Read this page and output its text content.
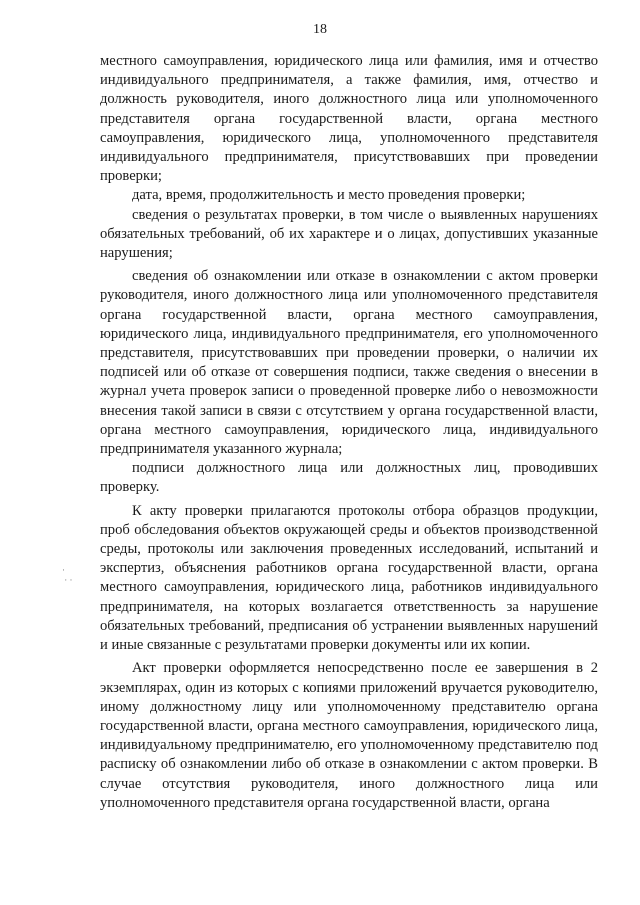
18

местного самоуправления, юридического лица или фамилия, имя и отчество индивидуального предпринимателя, а также фамилия, имя, отчество и должность руководителя, иного должностного лица или уполномоченного представителя органа государственной власти, органа местного самоуправления, юридического лица, уполномоченного представителя индивидуального предпринимателя, присутствовавших при проведении проверки;

дата, время, продолжительность и место проведения проверки;

сведения о результатах проверки, в том числе о выявленных нарушениях обязательных требований, об их характере и о лицах, допустивших указанные нарушения;

сведения об ознакомлении или отказе в ознакомлении с актом проверки руководителя, иного должностного лица или уполномоченного представителя органа государственной власти, органа местного самоуправления, юридического лица, индивидуального предпринимателя, его уполномоченного представителя, присутствовавших при проведении проверки, о наличии их подписей или об отказе от совершения подписи, также сведения о внесении в журнал учета проверок записи о проведенной проверке либо о невозможности внесения такой записи в связи с отсутствием у органа государственной власти, органа местного самоуправления, юридического лица, индивидуального предпринимателя указанного журнала;

подписи должностного лица или должностных лиц, проводивших проверку.

К акту проверки прилагаются протоколы отбора образцов продукции, проб обследования объектов окружающей среды и объектов производственной среды, протоколы или заключения проведенных исследований, испытаний и экспертиз, объяснения работников органа государственной власти, органа местного самоуправления, юридического лица, работников индивидуального предпринимателя, на которых возлагается ответственность за нарушение обязательных требований, предписания об устранении выявленных нарушений и иные связанные с результатами проверки документы или их копии.

Акт проверки оформляется непосредственно после ее завершения в 2 экземплярах, один из которых с копиями приложений вручается руководителю, иному должностному лицу или уполномоченному представителю органа государственной власти, органа местного самоуправления, юридического лица, индивидуальному предпринимателю, его уполномоченному представителю под расписку об ознакомлении либо об отказе в ознакомлении с актом проверки. В случае отсутствия руководителя, иного должностного лица или уполномоченного представителя органа государственной власти, органа

·
· ·
